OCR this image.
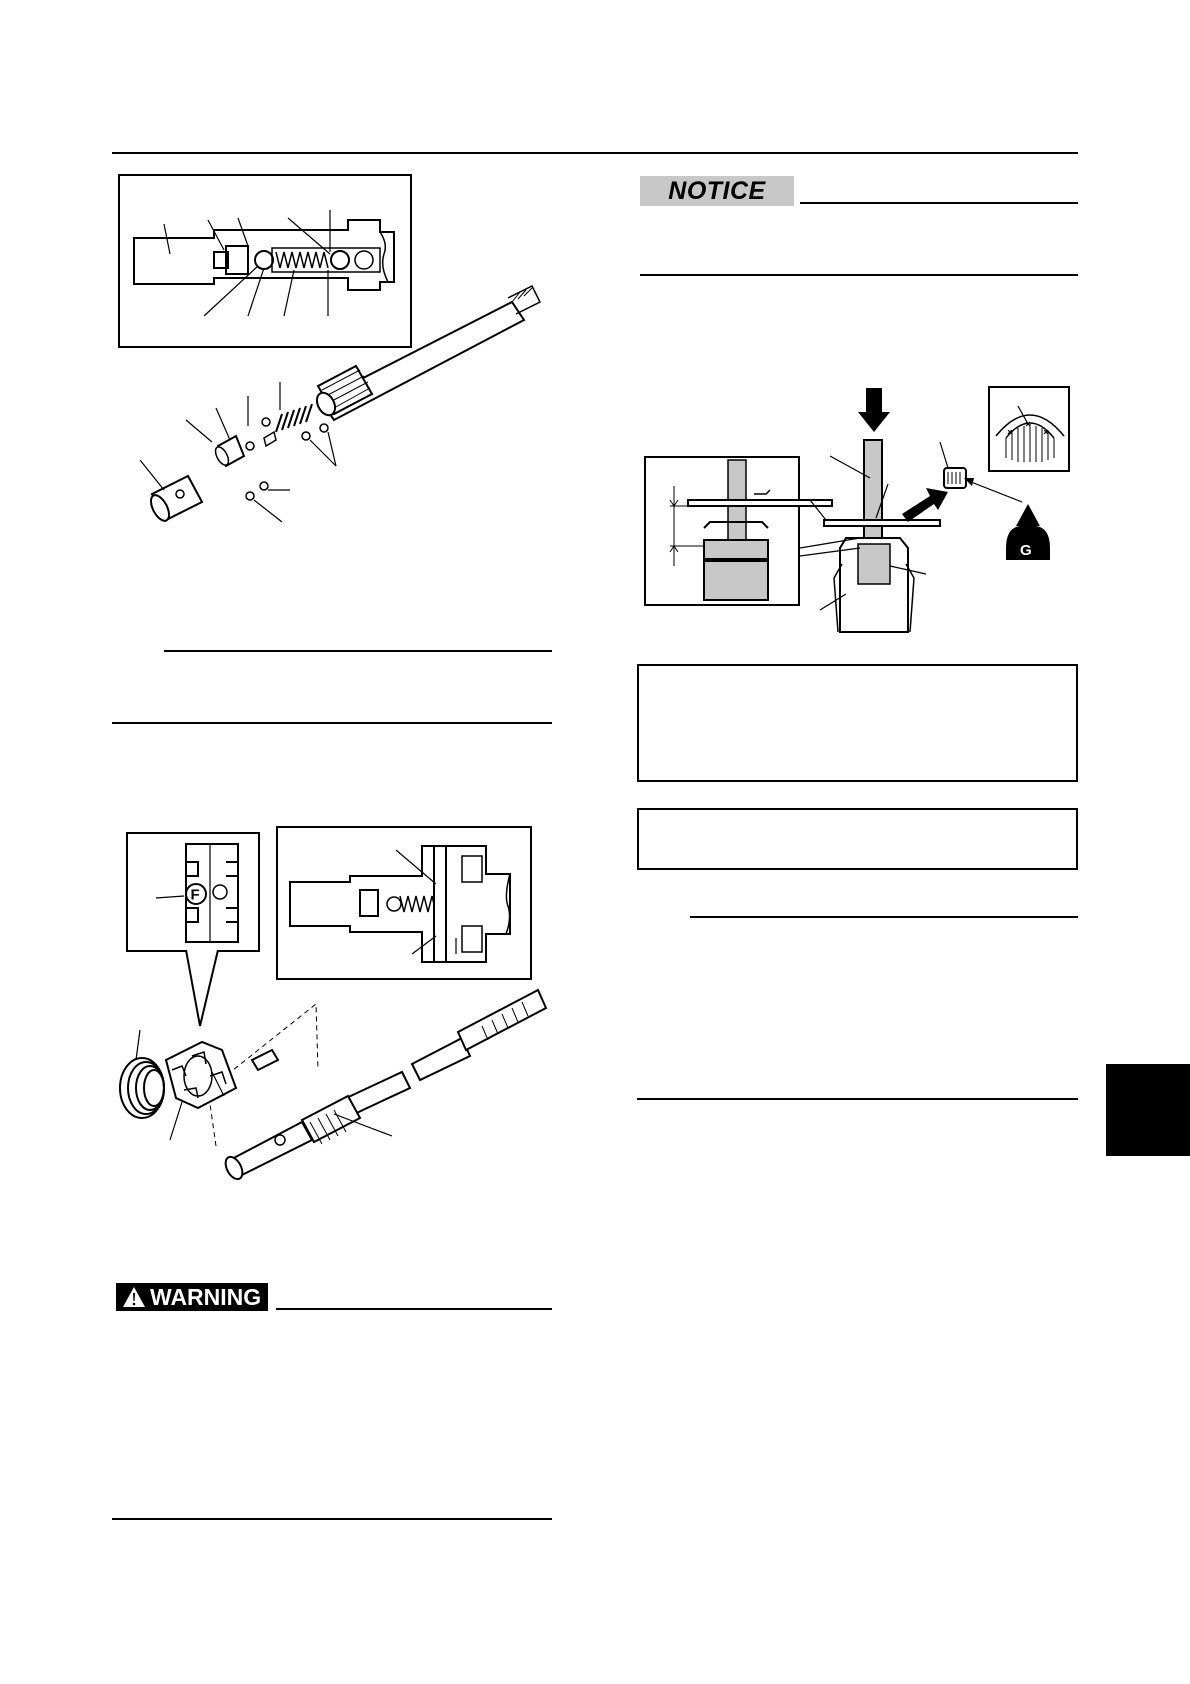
F
WARNING
NOTICE
G
